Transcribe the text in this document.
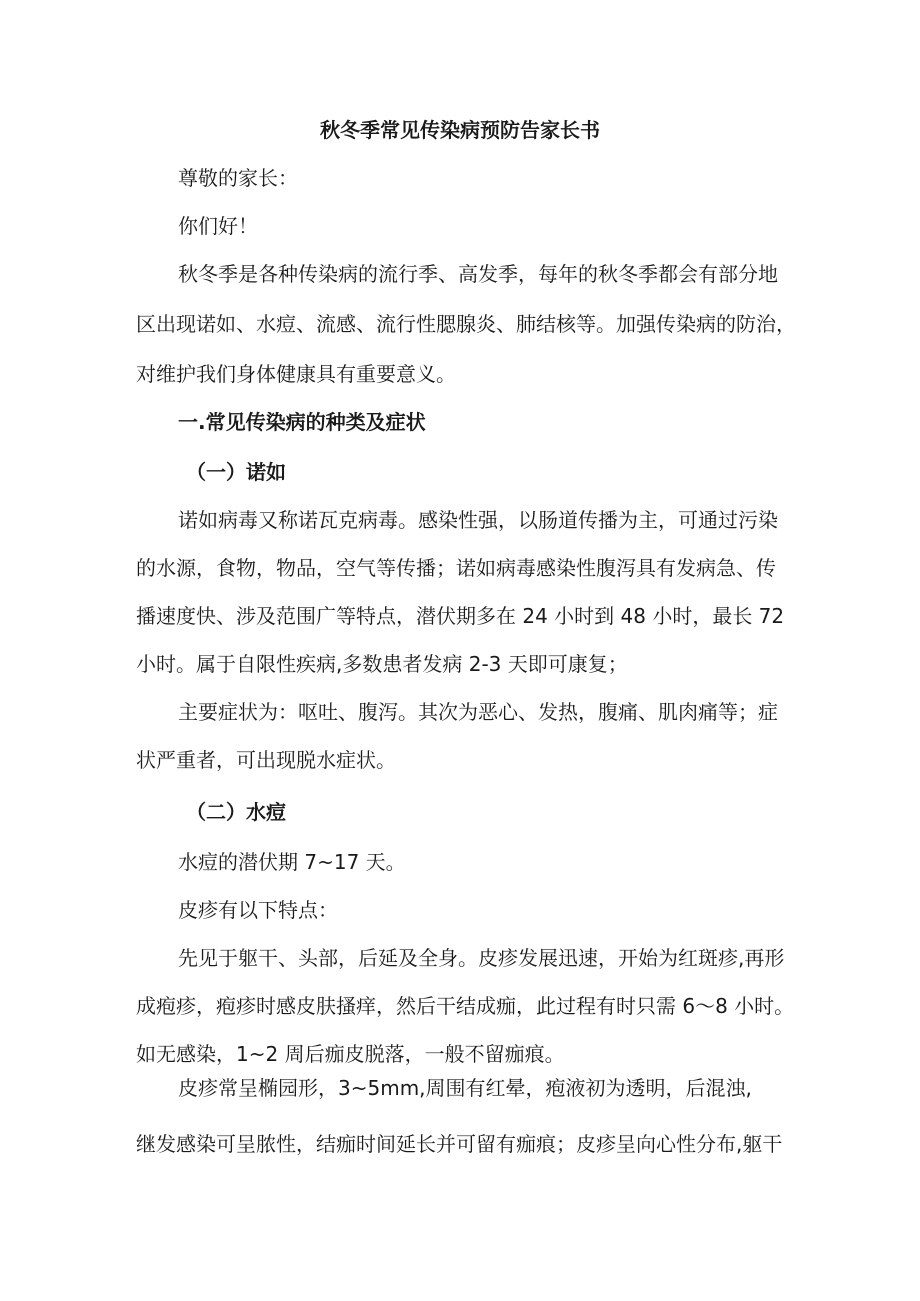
秋冬季常见传染病预防告家长书
尊敬的家长：
你们好！
秋冬季是各种传染病的流行季、高发季，每年的秋冬季都会有部分地
区出现诺如、水痘、流感、流行性腮腺炎、肺结核等。加强传染病的防治，
对维护我们身体健康具有重要意义。
一.常见传染病的种类及症状
（一）诺如
诺如病毒又称诺瓦克病毒。感染性强，以肠道传播为主，可通过污染
的水源，食物，物品，空气等传播；诺如病毒感染性腹泻具有发病急、传
播速度快、涉及范围广等特点，潜伏期多在 24 小时到 48 小时，最长 72
小时。属于自限性疾病,多数患者发病 2-3 天即可康复；
主要症状为：呕吐、腹泻。其次为恶心、发热，腹痛、肌肉痛等；症
状严重者，可出现脱水症状。
（二）水痘
水痘的潜伏期 7~17 天。
皮疹有以下特点：
先见于躯干、头部，后延及全身。皮疹发展迅速，开始为红斑疹,再形
成疱疹，疱疹时感皮肤搔痒，然后干结成痂，此过程有时只需 6～8 小时。
如无感染，1~2 周后痂皮脱落，一般不留痂痕。
皮疹常呈椭园形，3~5mm,周围有红晕，疱液初为透明，后混浊,
继发感染可呈脓性，结痂时间延长并可留有痂痕；皮疹呈向心性分布,躯干
